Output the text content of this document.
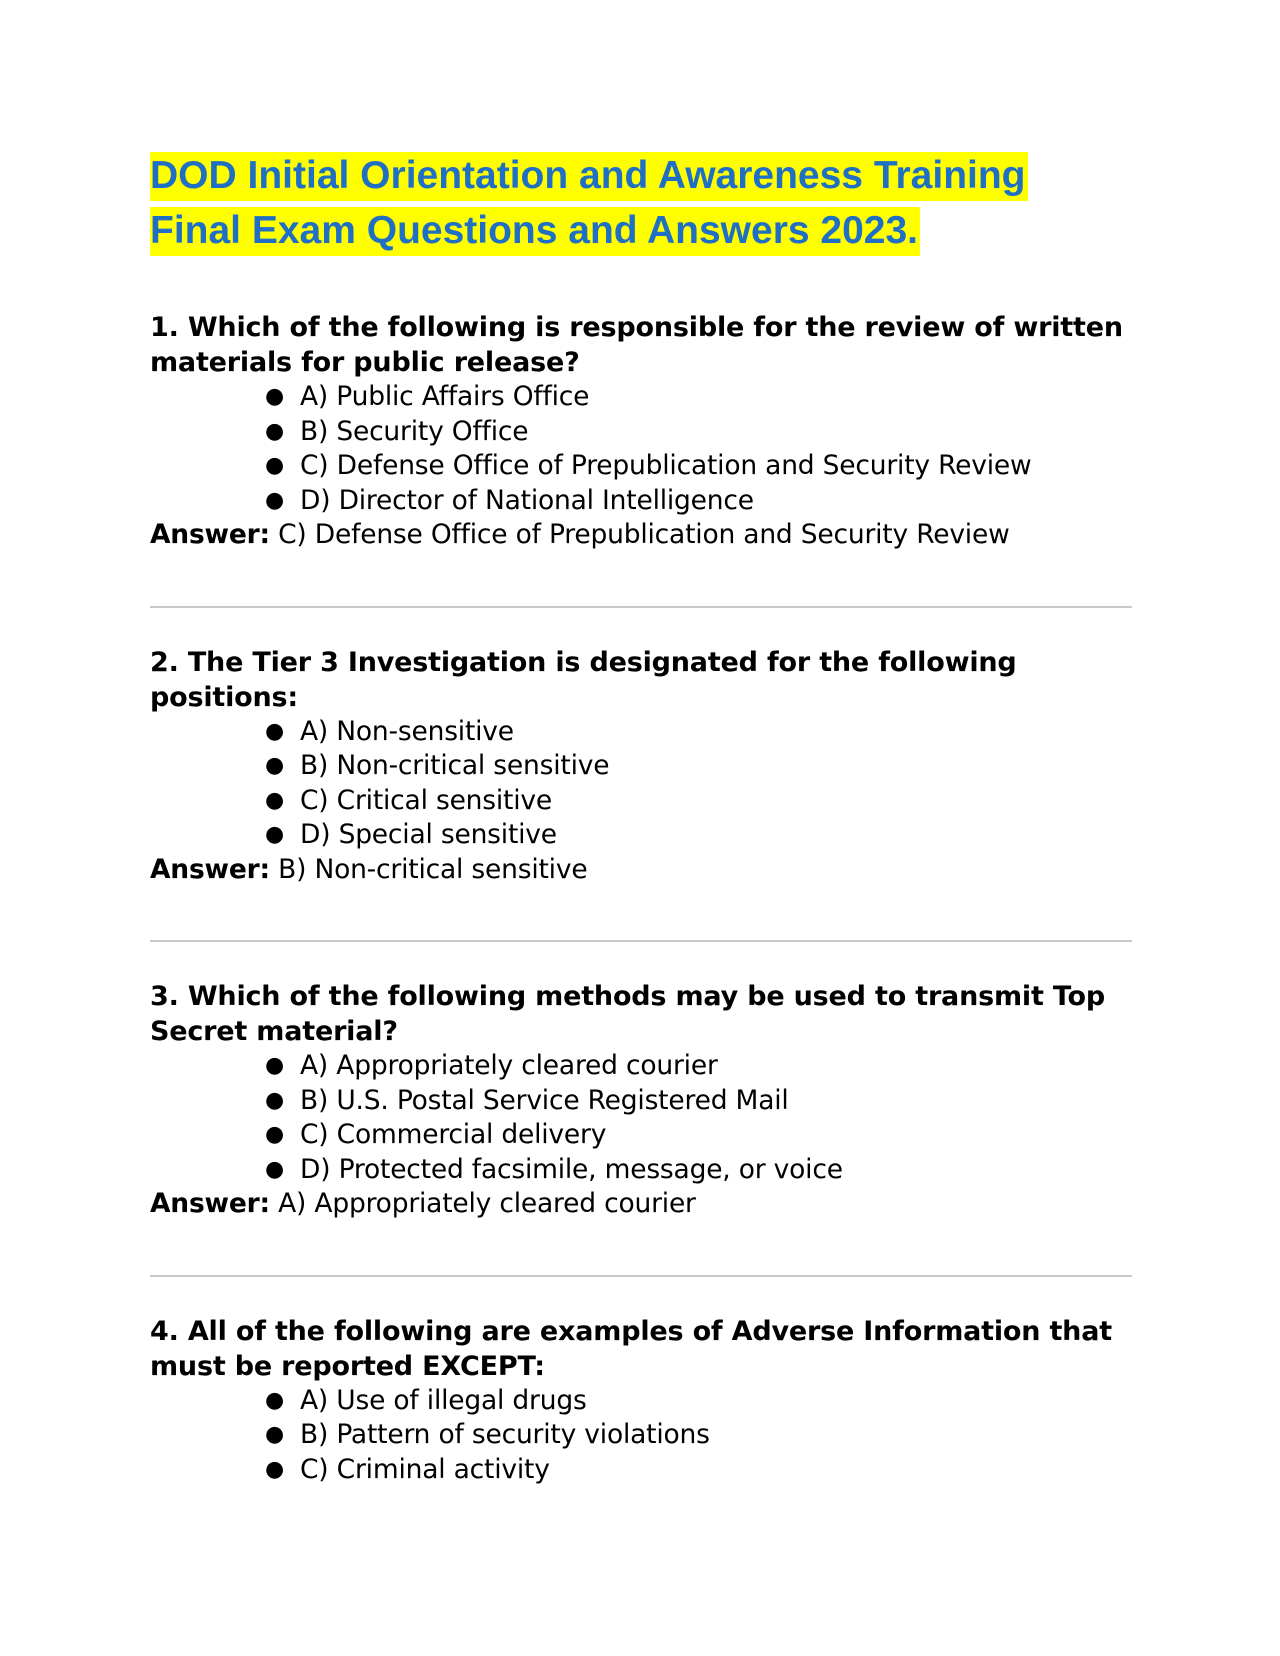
DOD Initial Orientation and Awareness Training
Final Exam Questions and Answers 2023.

1. Which of the following is responsible for the review of written materials for public release?

● A) Public Affairs Office
● B) Security Office
● C) Defense Office of Prepublication and Security Review
● D) Director of National Intelligence

Answer: C) Defense Office of Prepublication and Security Review

2. The Tier 3 Investigation is designated for the following positions:

● A) Non-sensitive
● B) Non-critical sensitive
● C) Critical sensitive
● D) Special sensitive

Answer: B) Non-critical sensitive

3. Which of the following methods may be used to transmit Top Secret material?

● A) Appropriately cleared courier
● B) U.S. Postal Service Registered Mail
● C) Commercial delivery
● D) Protected facsimile, message, or voice

Answer: A) Appropriately cleared courier

4. All of the following are examples of Adverse Information that must be reported EXCEPT:

● A) Use of illegal drugs
● B) Pattern of security violations
● C) Criminal activity
